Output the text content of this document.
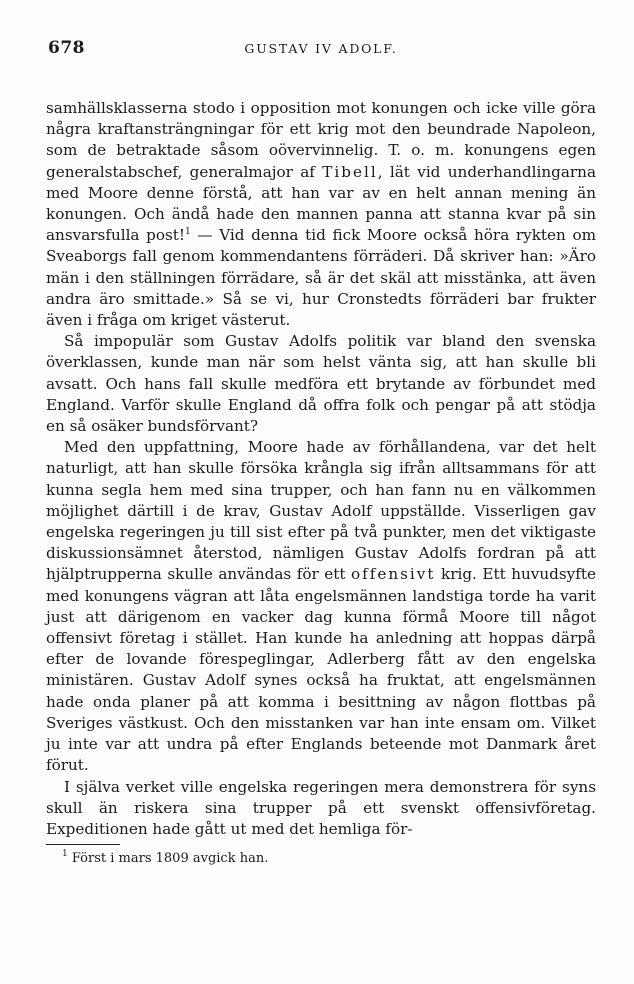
678	GUSTAV IV ADOLF.

samhällsklasserna stodo i opposition mot konungen och icke ville göra några kraftansträngningar för ett krig mot den beundrade Napoleon, som de betraktade såsom oövervinnelig. T. o. m. konungens egen generalstabschef, generalmajor af Tibell, lät vid underhandlingarna med Moore denne förstå, att han var av en helt annan mening än konungen. Och ändå hade den mannen panna att stanna kvar på sin ansvarsfulla post!$^1$ — Vid denna tid fick Moore också höra rykten om Sveaborgs fall genom kommendantens förräderi. Då skriver han: »Äro män i den ställningen förrädare, så är det skäl att misstänka, att även andra äro smittade.» Så se vi, hur Cronstedts förräderi bar frukter även i fråga om kriget västerut.

Så impopulär som Gustav Adolfs politik var bland den svenska överklassen, kunde man när som helst vänta sig, att han skulle bli avsatt. Och hans fall skulle medföra ett brytande av förbundet med England. Varför skulle England då offra folk och pengar på att stödja en så osäker bundsförvant?

Med den uppfattning, Moore hade av förhållandena, var det helt naturligt, att han skulle försöka krångla sig ifrån alltsammans för att kunna segla hem med sina trupper, och han fann nu en välkommen möjlighet därtill i de krav, Gustav Adolf uppställde. Visserligen gav engelska regeringen ju till sist efter på två punkter, men det viktigaste diskussionsämnet återstod, nämligen Gustav Adolfs fordran på att hjälptrupperna skulle användas för ett offensivt krig. Ett huvudsyfte med konungens vägran att låta engelsmännen landstiga torde ha varit just att därigenom en vacker dag kunna förmå Moore till något offensivt företag i stället. Han kunde ha anledning att hoppas därpå efter de lovande förespeglingar, Adlerberg fått av den engelska ministären. Gustav Adolf synes också ha fruktat, att engelsmännen hade onda planer på att komma i besittning av någon flottbas på Sveriges västkust. Och den misstanken var han inte ensam om. Vilket ju inte var att undra på efter Englands beteende mot Danmark året förut.

I själva verket ville engelska regeringen mera demonstrera för syns skull än riskera sina trupper på ett svenskt offensivföretag. Expeditionen hade gått ut med det hemliga för-

$^1$ Först i mars 1809 avgick han.
